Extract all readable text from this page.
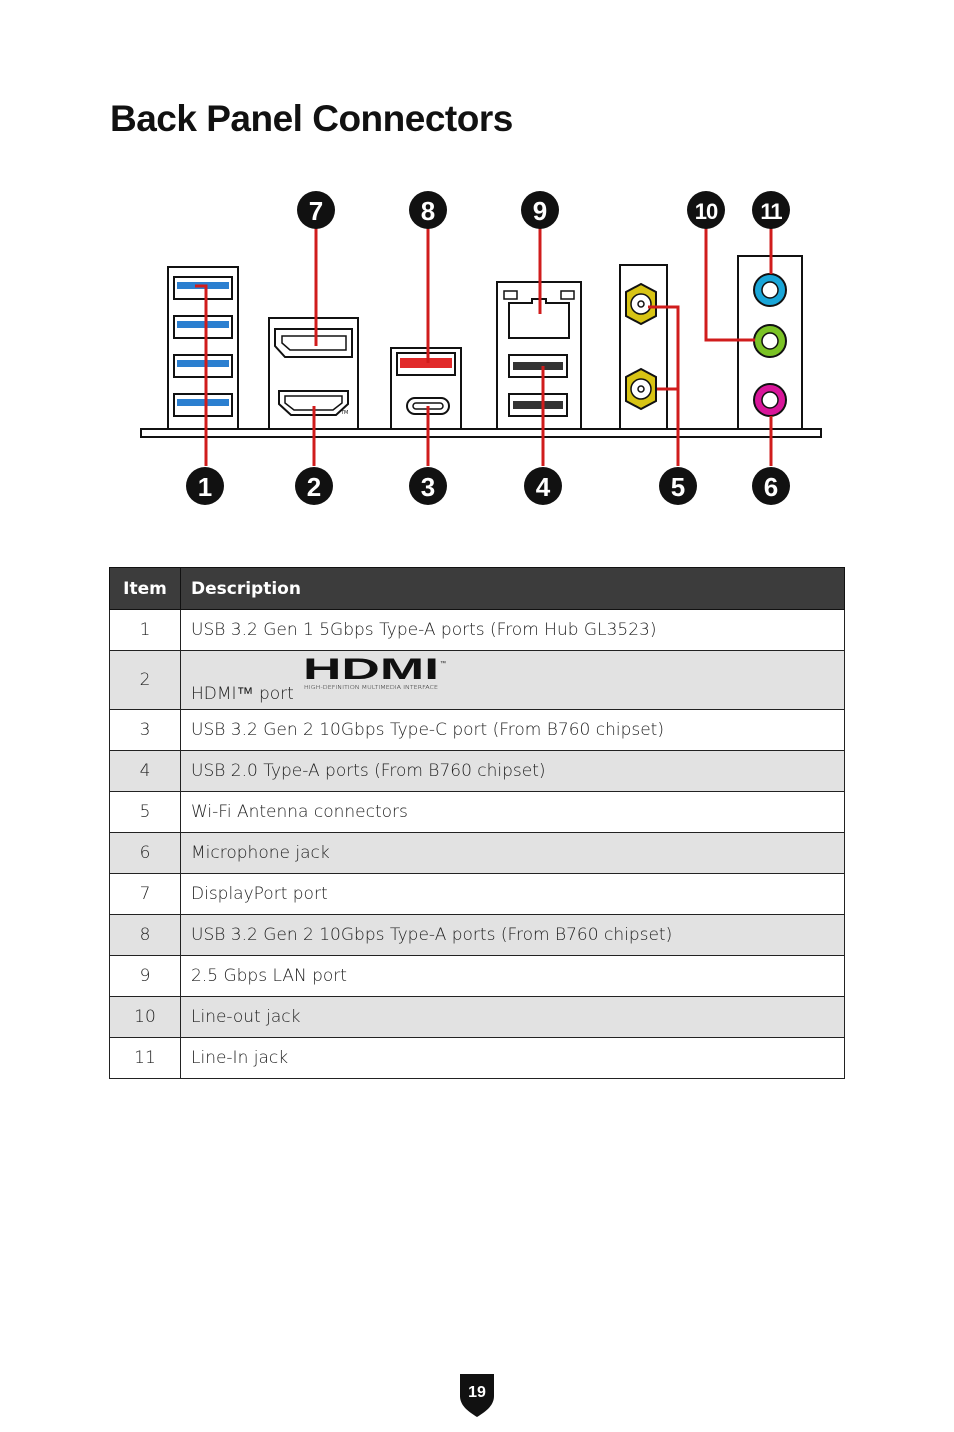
Back Panel Connectors
TM
1	2	3	4	5	6
7	8	9	10 11
Item	Description
1	USB 3.2 Gen 1 5Gbps Type-A ports (From Hub GL3523)
2	HDMI™ port
HDMI ™
HIGH-DEFINITION MULTIMEDIA INTERFACE

3	USB 3.2 Gen 2 10Gbps Type-C port (From B760 chipset)
4	USB 2.0 Type-A ports (From B760 chipset)
5	Wi-Fi Antenna connectors
6	Microphone jack
7	DisplayPort port
8	USB 3.2 Gen 2 10Gbps Type-A ports (From B760 chipset)
9	2.5 Gbps LAN port
10	Line-out jack
11	Line-In jack
19
